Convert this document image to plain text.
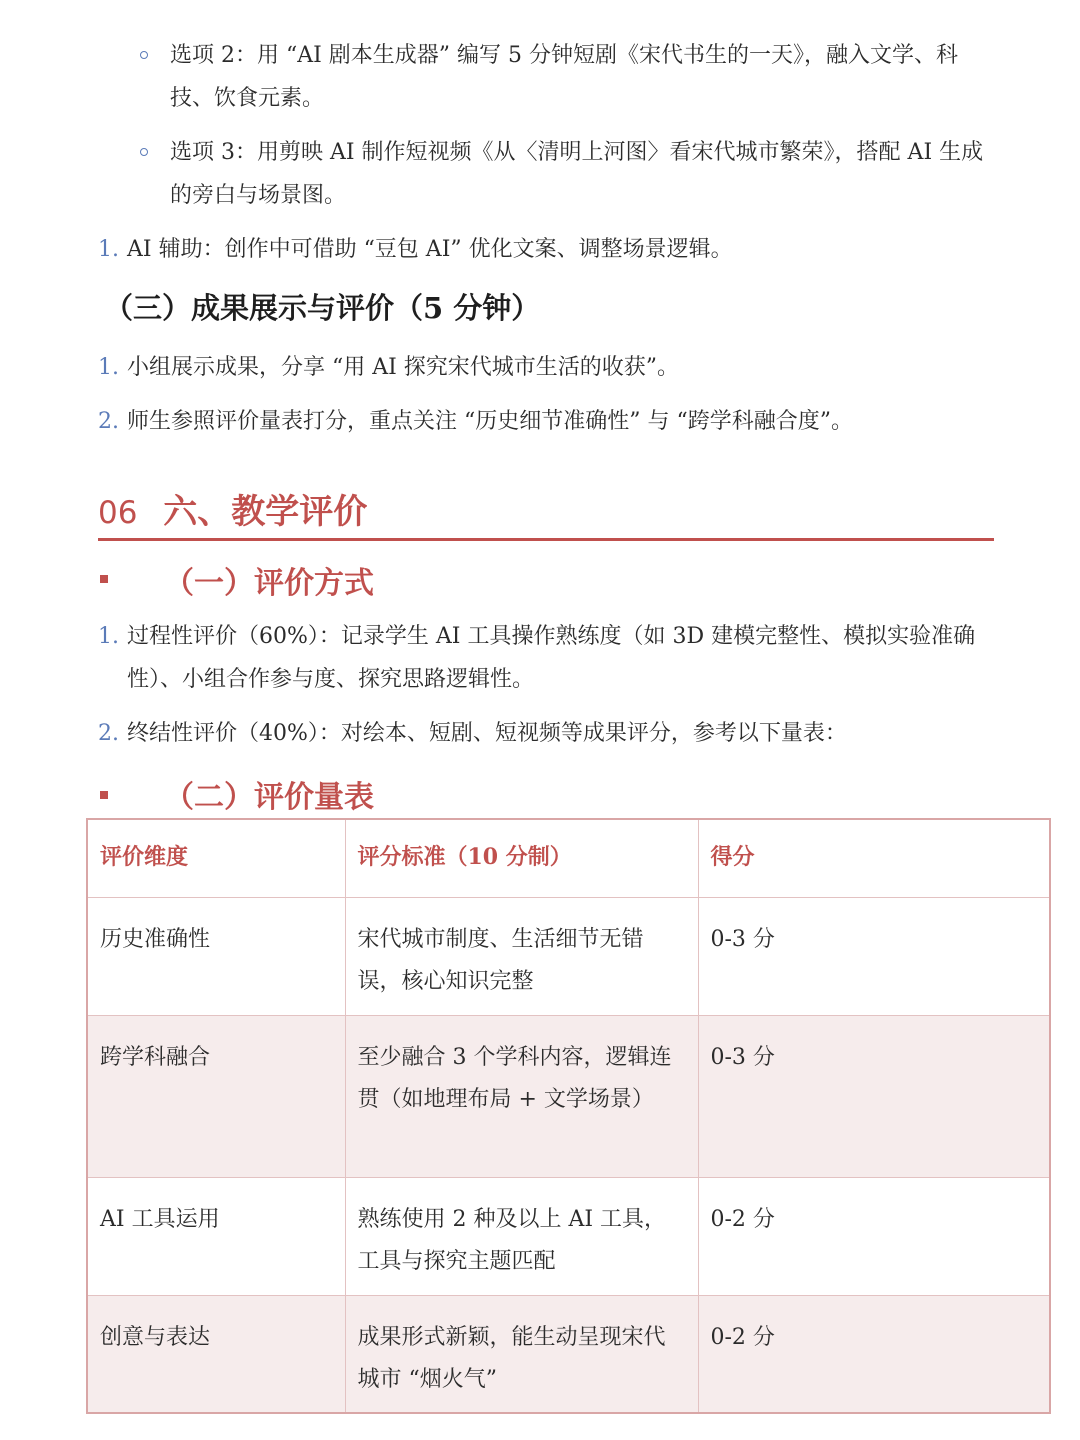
选项 2：用 “AI 剧本生成器” 编写 5 分钟短剧《宋代书生的一天》，融入文学、科技、饮食元素。
选项 3：用剪映 AI 制作短视频《从〈清明上河图〉看宋代城市繁荣》，搭配 AI 生成的旁白与场景图。
1. AI 辅助：创作中可借助 “豆包 AI” 优化文案、调整场景逻辑。
（三）成果展示与评价（5 分钟）
1. 小组展示成果，分享 “用 AI 探究宋代城市生活的收获”。
2. 师生参照评价量表打分，重点关注 “历史细节准确性” 与 “跨学科融合度”。
06 六、教学评价
（一）评价方式
1. 过程性评价（60%）：记录学生 AI 工具操作熟练度（如 3D 建模完整性、模拟实验准确性）、小组合作参与度、探究思路逻辑性。
2. 终结性评价（40%）：对绘本、短剧、短视频等成果评分，参考以下量表：
（二）评价量表
评价维度	评分标准（10 分制）	得分
历史准确性	宋代城市制度、生活细节无错误，核心知识完整	0-3 分
跨学科融合	至少融合 3 个学科内容，逻辑连贯（如地理布局 + 文学场景）	0-3 分
AI 工具运用	熟练使用 2 种及以上 AI 工具，工具与探究主题匹配	0-2 分
创意与表达	成果形式新颖，能生动呈现宋代城市 “烟火气”	0-2 分
